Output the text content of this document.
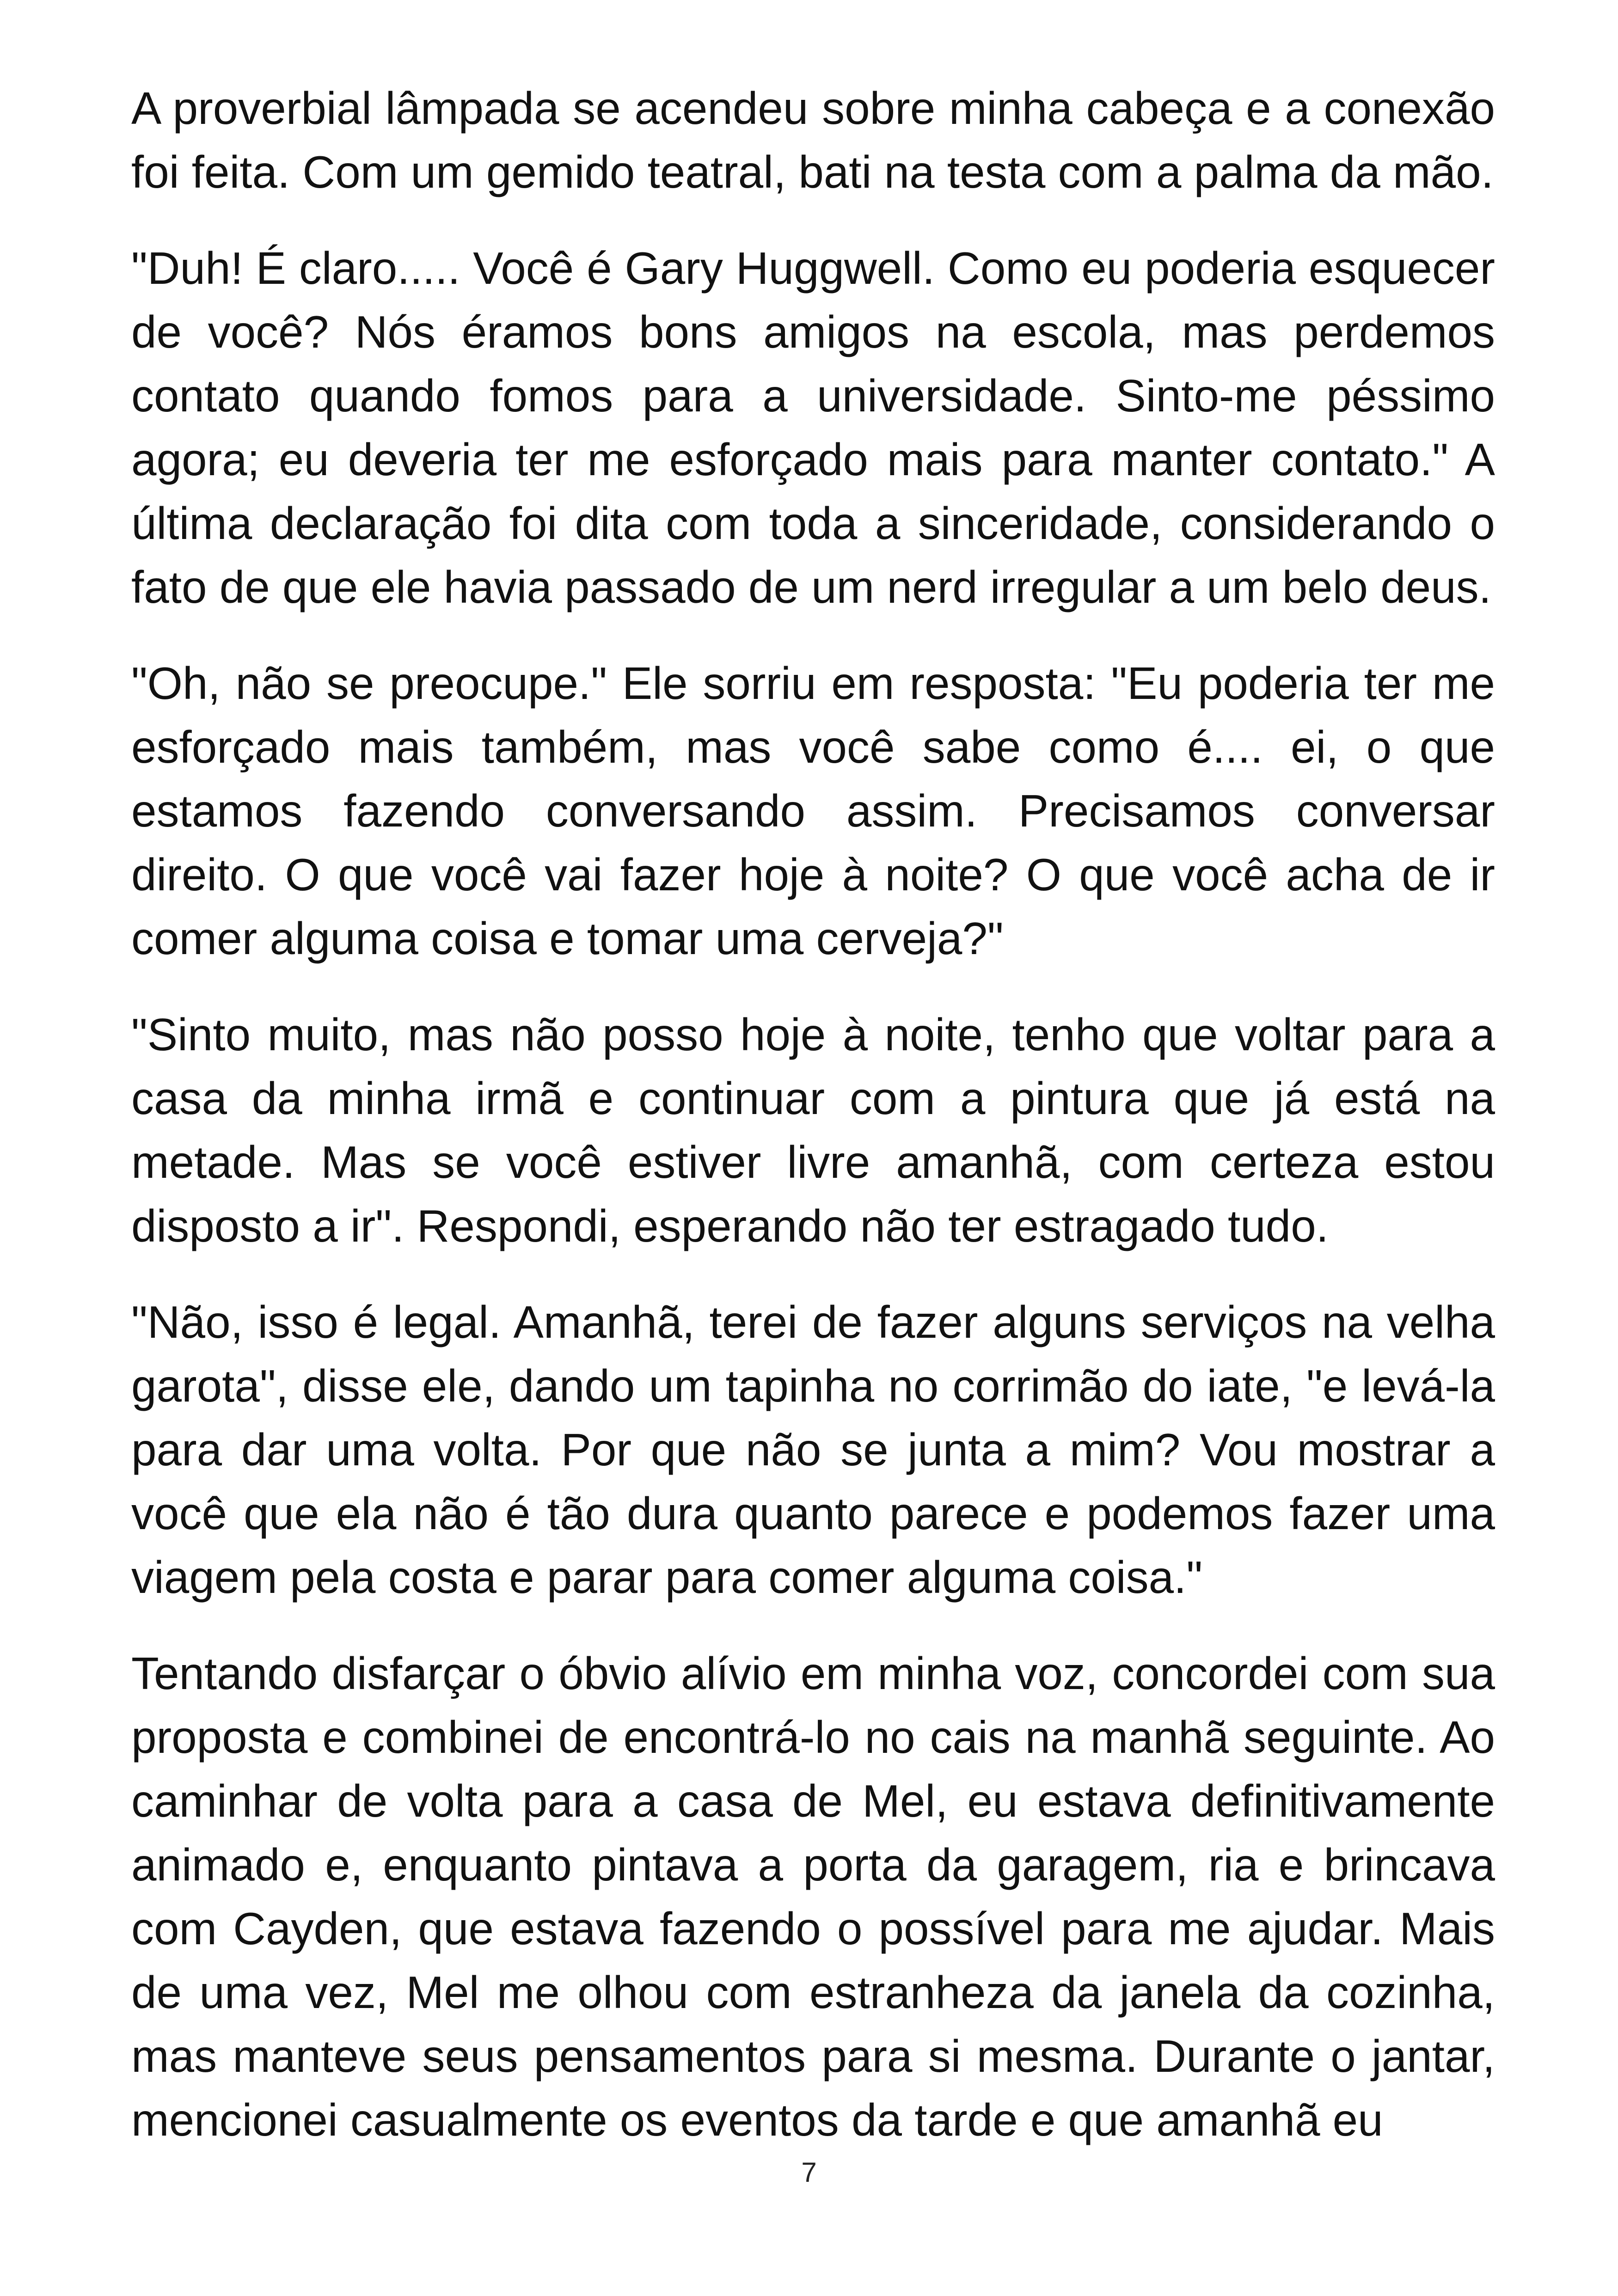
A proverbial lâmpada se acendeu sobre minha cabeça e a conexão foi feita. Com um gemido teatral, bati na testa com a palma da mão.

"Duh! É claro..... Você é Gary Huggwell. Como eu poderia esquecer de você? Nós éramos bons amigos na escola, mas perdemos contato quando fomos para a universidade. Sinto-me péssimo agora; eu deveria ter me esforçado mais para manter contato." A última declaração foi dita com toda a sinceridade, considerando o fato de que ele havia passado de um nerd irregular a um belo deus.

"Oh, não se preocupe." Ele sorriu em resposta: "Eu poderia ter me esforçado mais também, mas você sabe como é.... ei, o que estamos fazendo conversando assim. Precisamos conversar direito. O que você vai fazer hoje à noite? O que você acha de ir comer alguma coisa e tomar uma cerveja?"

"Sinto muito, mas não posso hoje à noite, tenho que voltar para a casa da minha irmã e continuar com a pintura que já está na metade. Mas se você estiver livre amanhã, com certeza estou disposto a ir". Respondi, esperando não ter estragado tudo.

"Não, isso é legal. Amanhã, terei de fazer alguns serviços na velha garota", disse ele, dando um tapinha no corrimão do iate, "e levá-la para dar uma volta. Por que não se junta a mim? Vou mostrar a você que ela não é tão dura quanto parece e podemos fazer uma viagem pela costa e parar para comer alguma coisa."

Tentando disfarçar o óbvio alívio em minha voz, concordei com sua proposta e combinei de encontrá-lo no cais na manhã seguinte. Ao caminhar de volta para a casa de Mel, eu estava definitivamente animado e, enquanto pintava a porta da garagem, ria e brincava com Cayden, que estava fazendo o possível para me ajudar. Mais de uma vez, Mel me olhou com estranheza da janela da cozinha, mas manteve seus pensamentos para si mesma. Durante o jantar, mencionei casualmente os eventos da tarde e que amanhã eu

7
